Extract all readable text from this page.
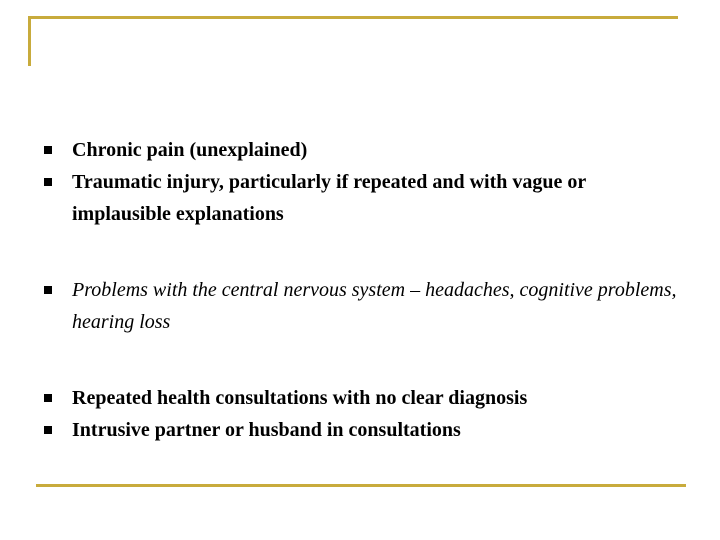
Chronic pain (unexplained)
Traumatic injury, particularly if repeated and with vague or implausible explanations
Problems with the central nervous system – headaches, cognitive problems, hearing loss
Repeated health consultations with no clear diagnosis
Intrusive partner or husband in consultations
